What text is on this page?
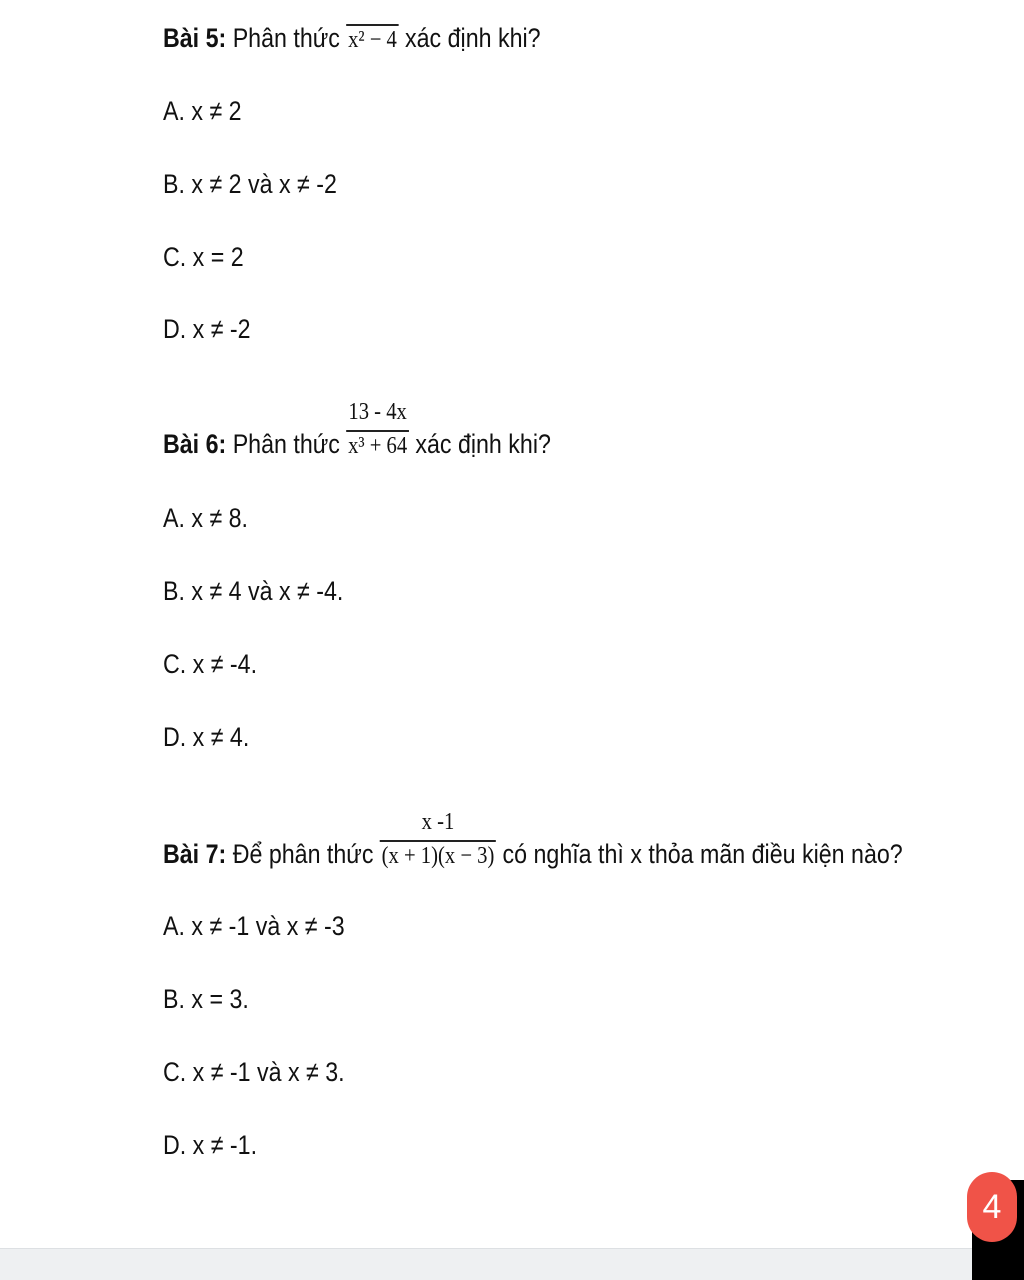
Bài 5: Phân thức x² − 4 xác định khi?
A. x ≠ 2
B. x ≠ 2 và x ≠ -2
C. x = 2
D. x ≠ -2
Bài 6: Phân thức $\frac{13 - 4x}{\text{x³ + 64}}$ xác định khi?
A. x ≠ 8.
B. x ≠ 4 và x ≠ -4.
C. x ≠ -4.
D. x ≠ 4.
Bài 7: Để phân thức $\frac{x -1}{(x + 1)(x - 3)}$ có nghĩa thì x thỏa mãn điều kiện nào?
A. x ≠ -1 và x ≠ -3
B. x = 3.
C. x ≠ -1 và x ≠ 3.
D. x ≠ -1.
4
